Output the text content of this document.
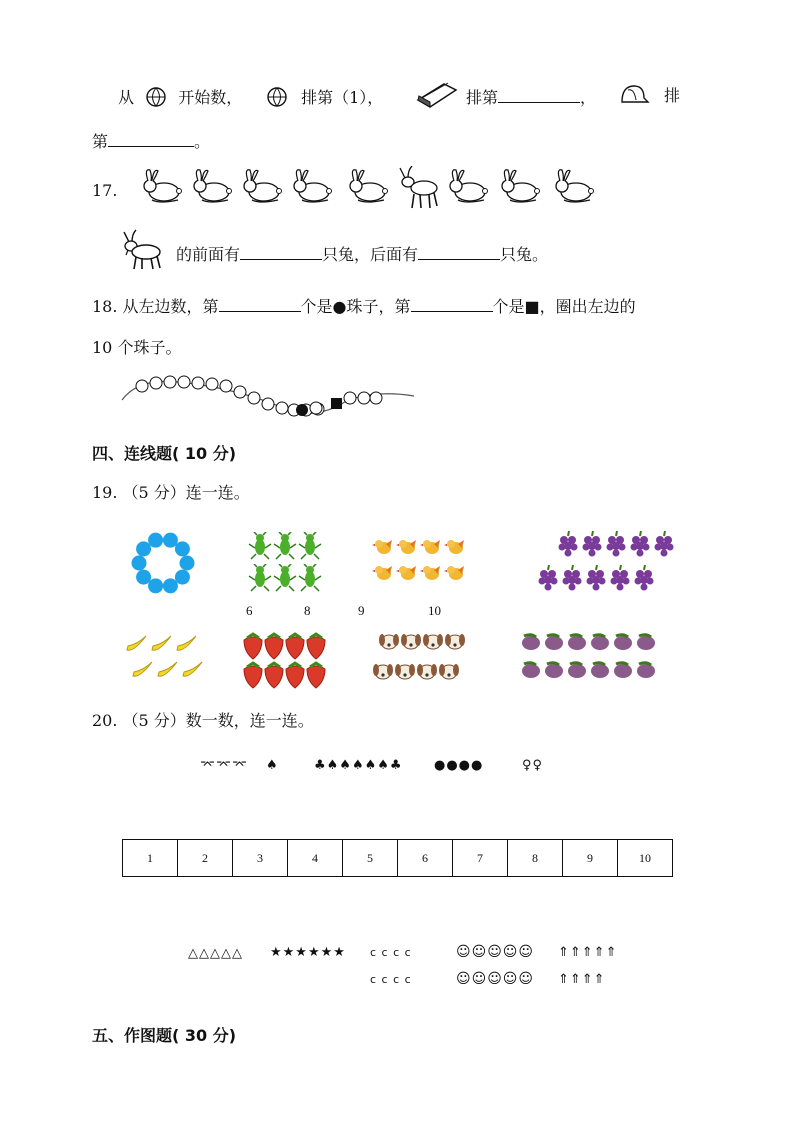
从	开始数，	排第（1），	排第	，	排
第	。
17.
的前面有	只兔，后面有	只兔。
18. 从左边数，第	个是●珠子，第	个是■，圈出左边的
10 个珠子。
四、连线题( 10 分)
19. （5 分）连一连。
6	8	9	10
20. （5 分）数一数，连一连。
⌤⌤⌤ ♠	♣♠♠♠♠♠♣ ●●●●	♀♀
1	2	3	4	5	6	7	8	9	10
△△△△△ ★★★★★★ c c c c	☺☺☺☺☺ ⇑⇑⇑⇑⇑
c c c c	☺☺☺☺☺ ⇑⇑⇑⇑
五、作图题( 30 分)
